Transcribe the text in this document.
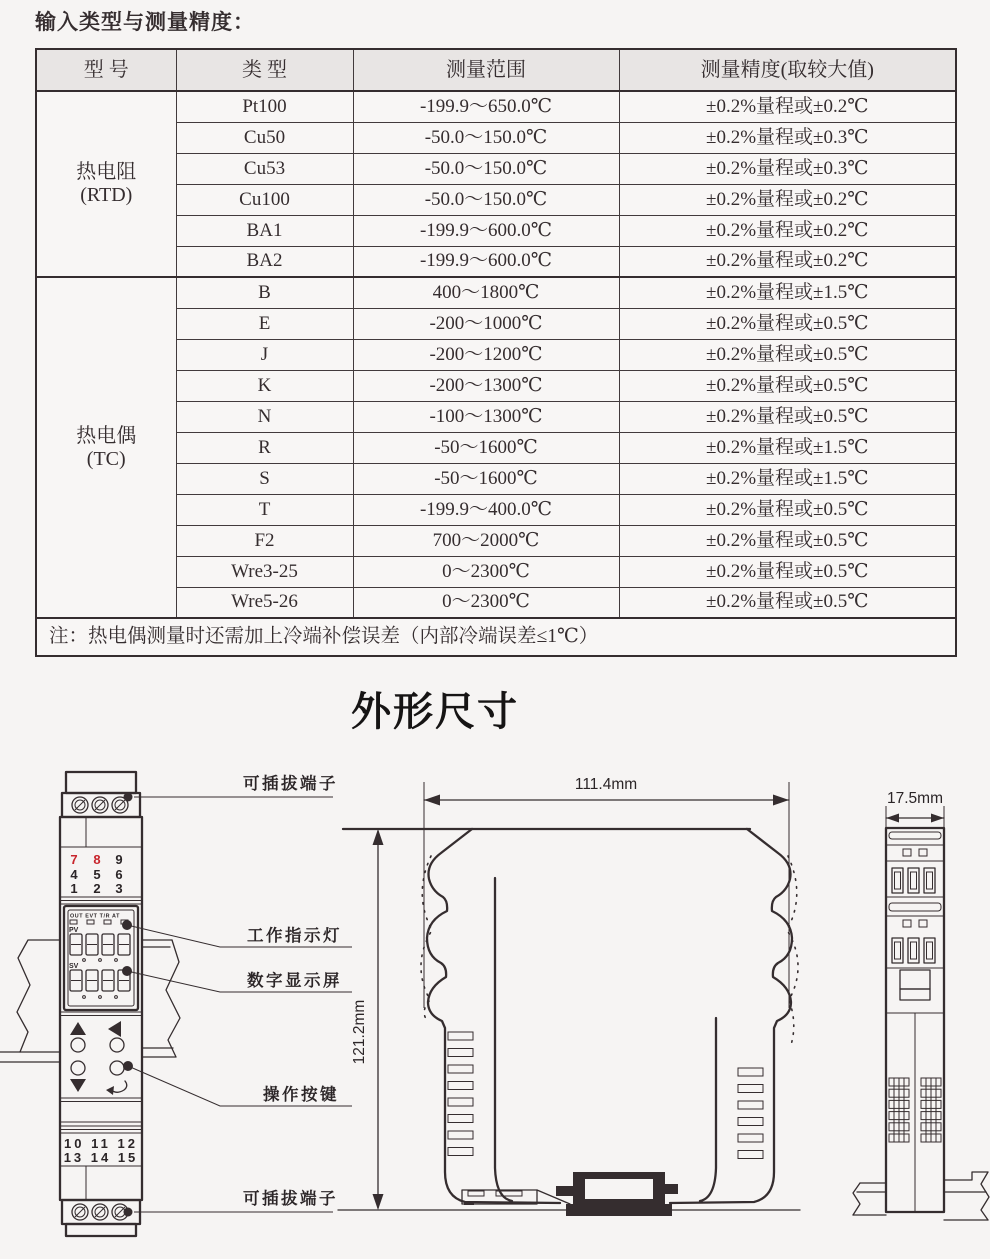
输入类型与测量精度：
型 号	类 型	测量范围	测量精度(取较大值)
热电阻
(RTD)	Pt100	-199.9～650.0℃	±0.2%量程或±0.2℃
	Cu50	-50.0～150.0℃	±0.2%量程或±0.3℃
	Cu53	-50.0～150.0℃	±0.2%量程或±0.3℃
	Cu100	-50.0～150.0℃	±0.2%量程或±0.2℃
	BA1	-199.9～600.0℃	±0.2%量程或±0.2℃
	BA2	-199.9～600.0℃	±0.2%量程或±0.2℃
热电偶
(TC)	B	400～1800℃	±0.2%量程或±1.5℃
	E	-200～1000℃	±0.2%量程或±0.5℃
	J	-200～1200℃	±0.2%量程或±0.5℃
	K	-200～1300℃	±0.2%量程或±0.5℃
	N	-100～1300℃	±0.2%量程或±0.5℃
	R	-50～1600℃	±0.2%量程或±1.5℃
	S	-50～1600℃	±0.2%量程或±1.5℃
	T	-199.9～400.0℃	±0.2%量程或±0.5℃
	F2	700～2000℃	±0.2%量程或±0.5℃
	Wre3-25	0～2300℃	±0.2%量程或±0.5℃
	Wre5-26	0～2300℃	±0.2%量程或±0.5℃
注：热电偶测量时还需加上冷端补偿误差（内部冷端误差≤1℃）			
外形尺寸
可插拔端子
7 8 9
4 5 6
1 2 3
OUT EVT T/R AT
PV
SV
工作指示灯
数字显示屏
操作按键
10 11 12
13 14 15
可插拔端子
111.4mm
121.2mm
17.5mm
